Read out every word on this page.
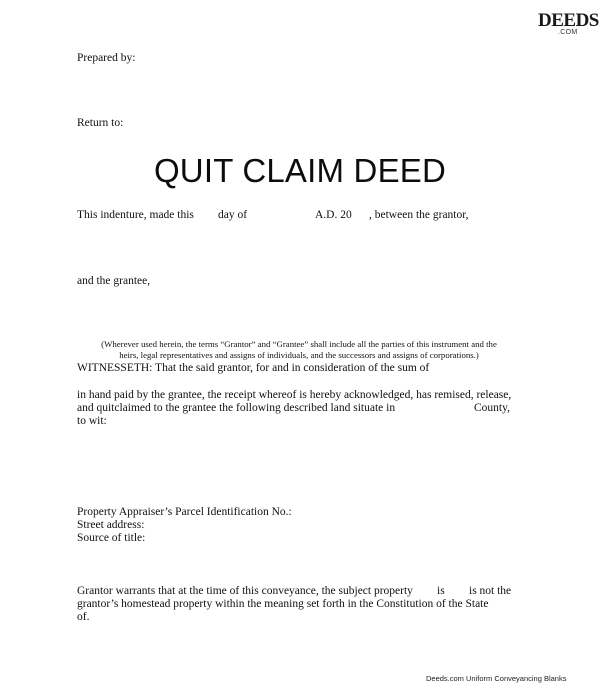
DEEDS
.COM
Prepared by:
Return to:
QUIT CLAIM DEED
This indenture, made this day of	A.D. 20 , between the grantor,
and the grantee,
(Wherever used herein, the terms “Grantor” and “Grantee” shall include all the parties of this instrument and the
heirs, legal representatives and assigns of individuals, and the successors and assigns of corporations.)
WITNESSETH: That the said grantor, for and in consideration of the sum of
in hand paid by the grantee, the receipt whereof is hereby acknowledged, has remised, release,
and quitclaimed to the grantee the following described land situate in	County,
to wit:
Property Appraiser’s Parcel Identification No.:
Street address:
Source of title:
Grantor warrants that at the time of this conveyance, the subject property is is not the
grantor’s homestead property within the meaning set forth in the Constitution of the State
of.
Deeds.com Uniform Conveyancing Blanks
